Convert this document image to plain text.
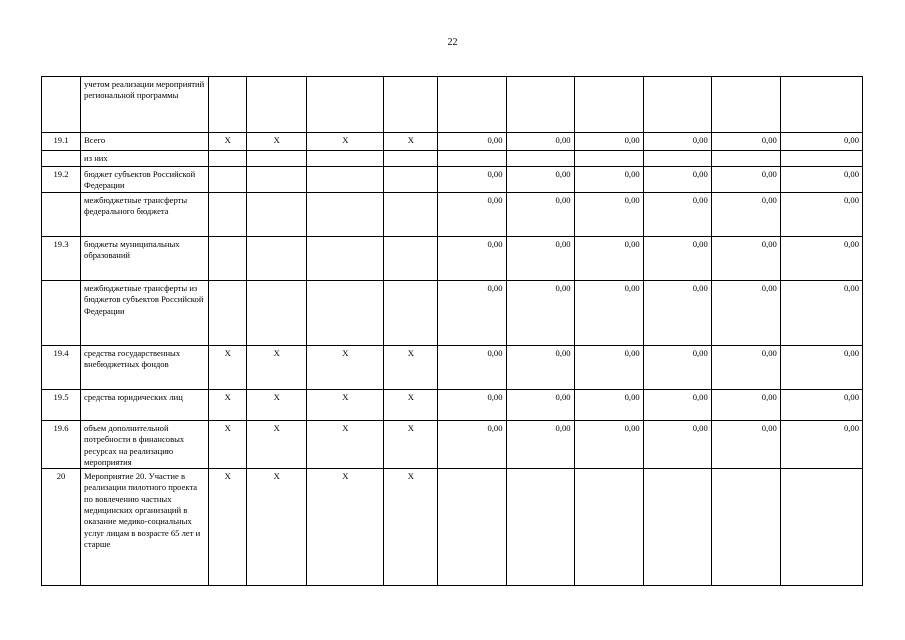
22
	учетом реализации мероприятий региональной программы										
19.1	Всего	X	X	X	X	0,00	0,00	0,00	0,00	0,00	0,00
	из них										
19.2	бюджет субъектов Российской Федерации					0,00	0,00	0,00	0,00	0,00	0,00
	межбюджетные трансферты федерального бюджета					0,00	0,00	0,00	0,00	0,00	0,00
19.3	бюджеты муниципальных образований					0,00	0,00	0,00	0,00	0,00	0,00
	межбюджетные трансферты из бюджетов субъектов Российской Федерации					0,00	0,00	0,00	0,00	0,00	0,00
19.4	средства государственных внебюджетных фондов	X	X	X	X	0,00	0,00	0,00	0,00	0,00	0,00
19.5	средства юридических лиц	X	X	X	X	0,00	0,00	0,00	0,00	0,00	0,00
19.6	объем дополнительной потребности в финансовых ресурсах на реализацию мероприятия	X	X	X	X	0,00	0,00	0,00	0,00	0,00	0,00
20	Мероприятие 20. Участие в реализации пилотного проекта по вовлечению частных медицинских организаций в оказание медико-социальных услуг лицам в возрасте 65 лет и старше	X	X	X	X						
